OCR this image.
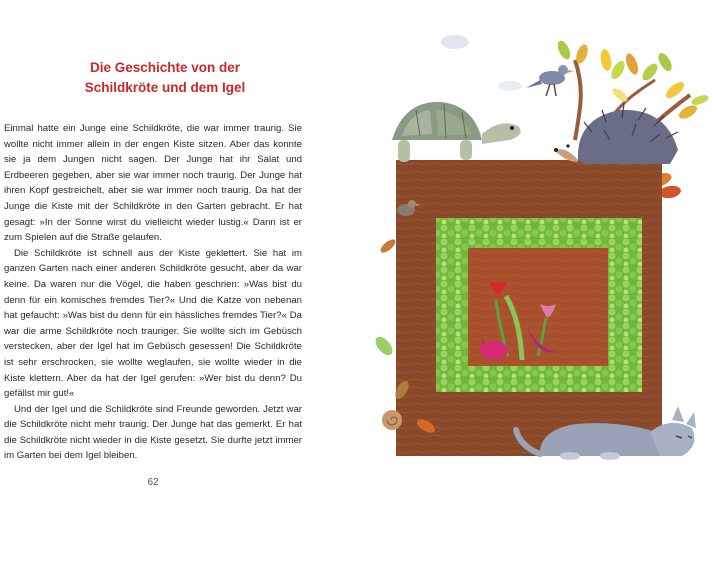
Die Geschichte von der
Schildkröte und dem Igel

Einmal hatte ein Junge eine Schildkröte, die war immer traurig. Sie wollte nicht immer allein in der engen Kiste sitzen. Aber das konnte sie ja dem Jungen nicht sagen. Der Junge hat ihr Salat und Erdbeeren gegeben, aber sie war immer noch traurig. Der Junge hat ihren Kopf gestreichelt, aber sie war immer noch traurig. Da hat der Junge die Kiste mit der Schildkröte in den Garten gebracht. Er hat gesagt: »In der Sonne wirst du vielleicht wieder lustig.« Dann ist er zum Spielen auf die Straße gelaufen.

Die Schildkröte ist schnell aus der Kiste geklettert. Sie hat im ganzen Garten nach einer anderen Schildkröte gesucht, aber da war keine. Da waren nur die Vögel, die haben geschrien: »Was bist du denn für ein komisches fremdes Tier?« Und die Katze von nebenan hat gefaucht: »Was bist du denn für ein hässliches fremdes Tier?« Da war die arme Schildkröte noch trauriger. Sie wollte sich im Gebüsch verstecken, aber der Igel hat im Gebüsch gesessen! Die Schildkröte ist sehr erschrocken, sie wollte weglaufen, sie wollte wieder in die Kiste klettern. Aber da hat der Igel gerufen: »Wer bist du denn? Du gefällst mir gut!«

Und der Igel und die Schildkröte sind Freunde geworden. Jetzt war die Schildkröte nicht mehr traurig. Der Junge hat das gemerkt. Er hat die Schildkröte nicht wieder in die Kiste gesetzt. Sie durfte jetzt immer im Garten bei dem Igel bleiben.

62
